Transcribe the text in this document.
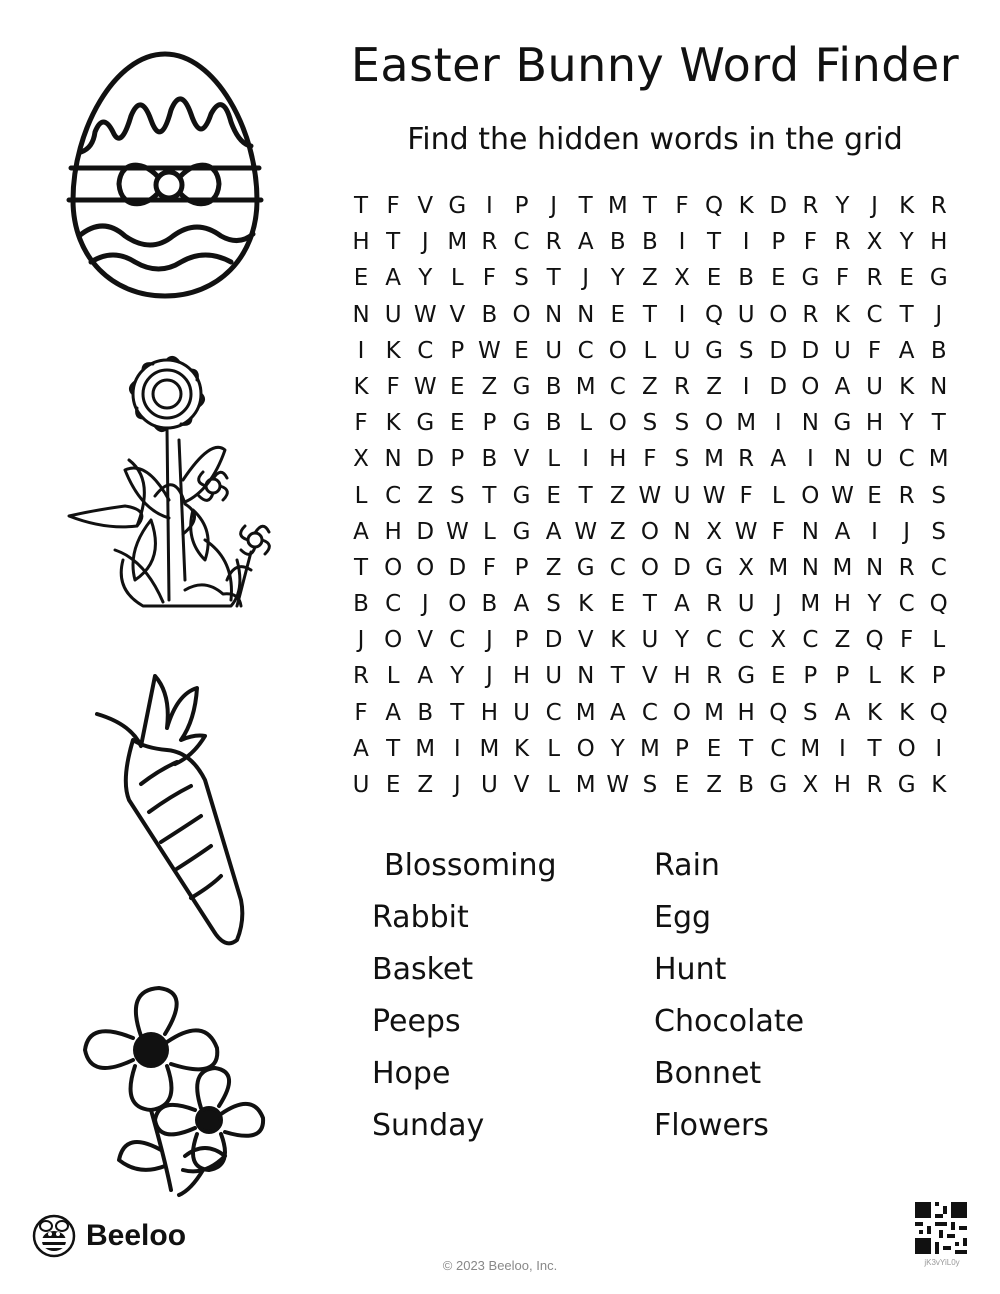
Easter Bunny Word Finder
Find the hidden words in the grid
T F V G I P J T M T F Q K D R Y J K R
H T J M R C R A B B I T I P F R X Y H
E A Y L F S T J Y Z X E B E G F R E G
N U W V B O N N E T I Q U O R K C T J
I K C P W E U C O L U G S D D U F A B
K F W E Z G B M C Z R Z I D O A U K N
F K G E P G B L O S S O M I N G H Y T
X N D P B V L I H F S M R A I N U C M
L C Z S T G E T Z W U W F L O W E R S
A H D W L G A W Z O N X W F N A I	J S
T O O D F P Z G C O D G X M N M N R C
B C J O B A S K E T A R U J M H Y C Q
J O V C J P D V K U Y C C X C Z Q F L
R L A Y J H U N T V H R G E P P L K P
F A B T H U C M A C O M H Q S A K K Q
A T M I M K L O Y M P E T C M I T O I
U E Z J U V L M W S E Z B G X H R G K
Blossoming
Rabbit
Basket
Peeps
Hope
Sunday
Rain
Egg
Hunt
Chocolate
Bonnet
Flowers
Beeloo
© 2023 Beeloo, Inc.	jK3vYiL0y
